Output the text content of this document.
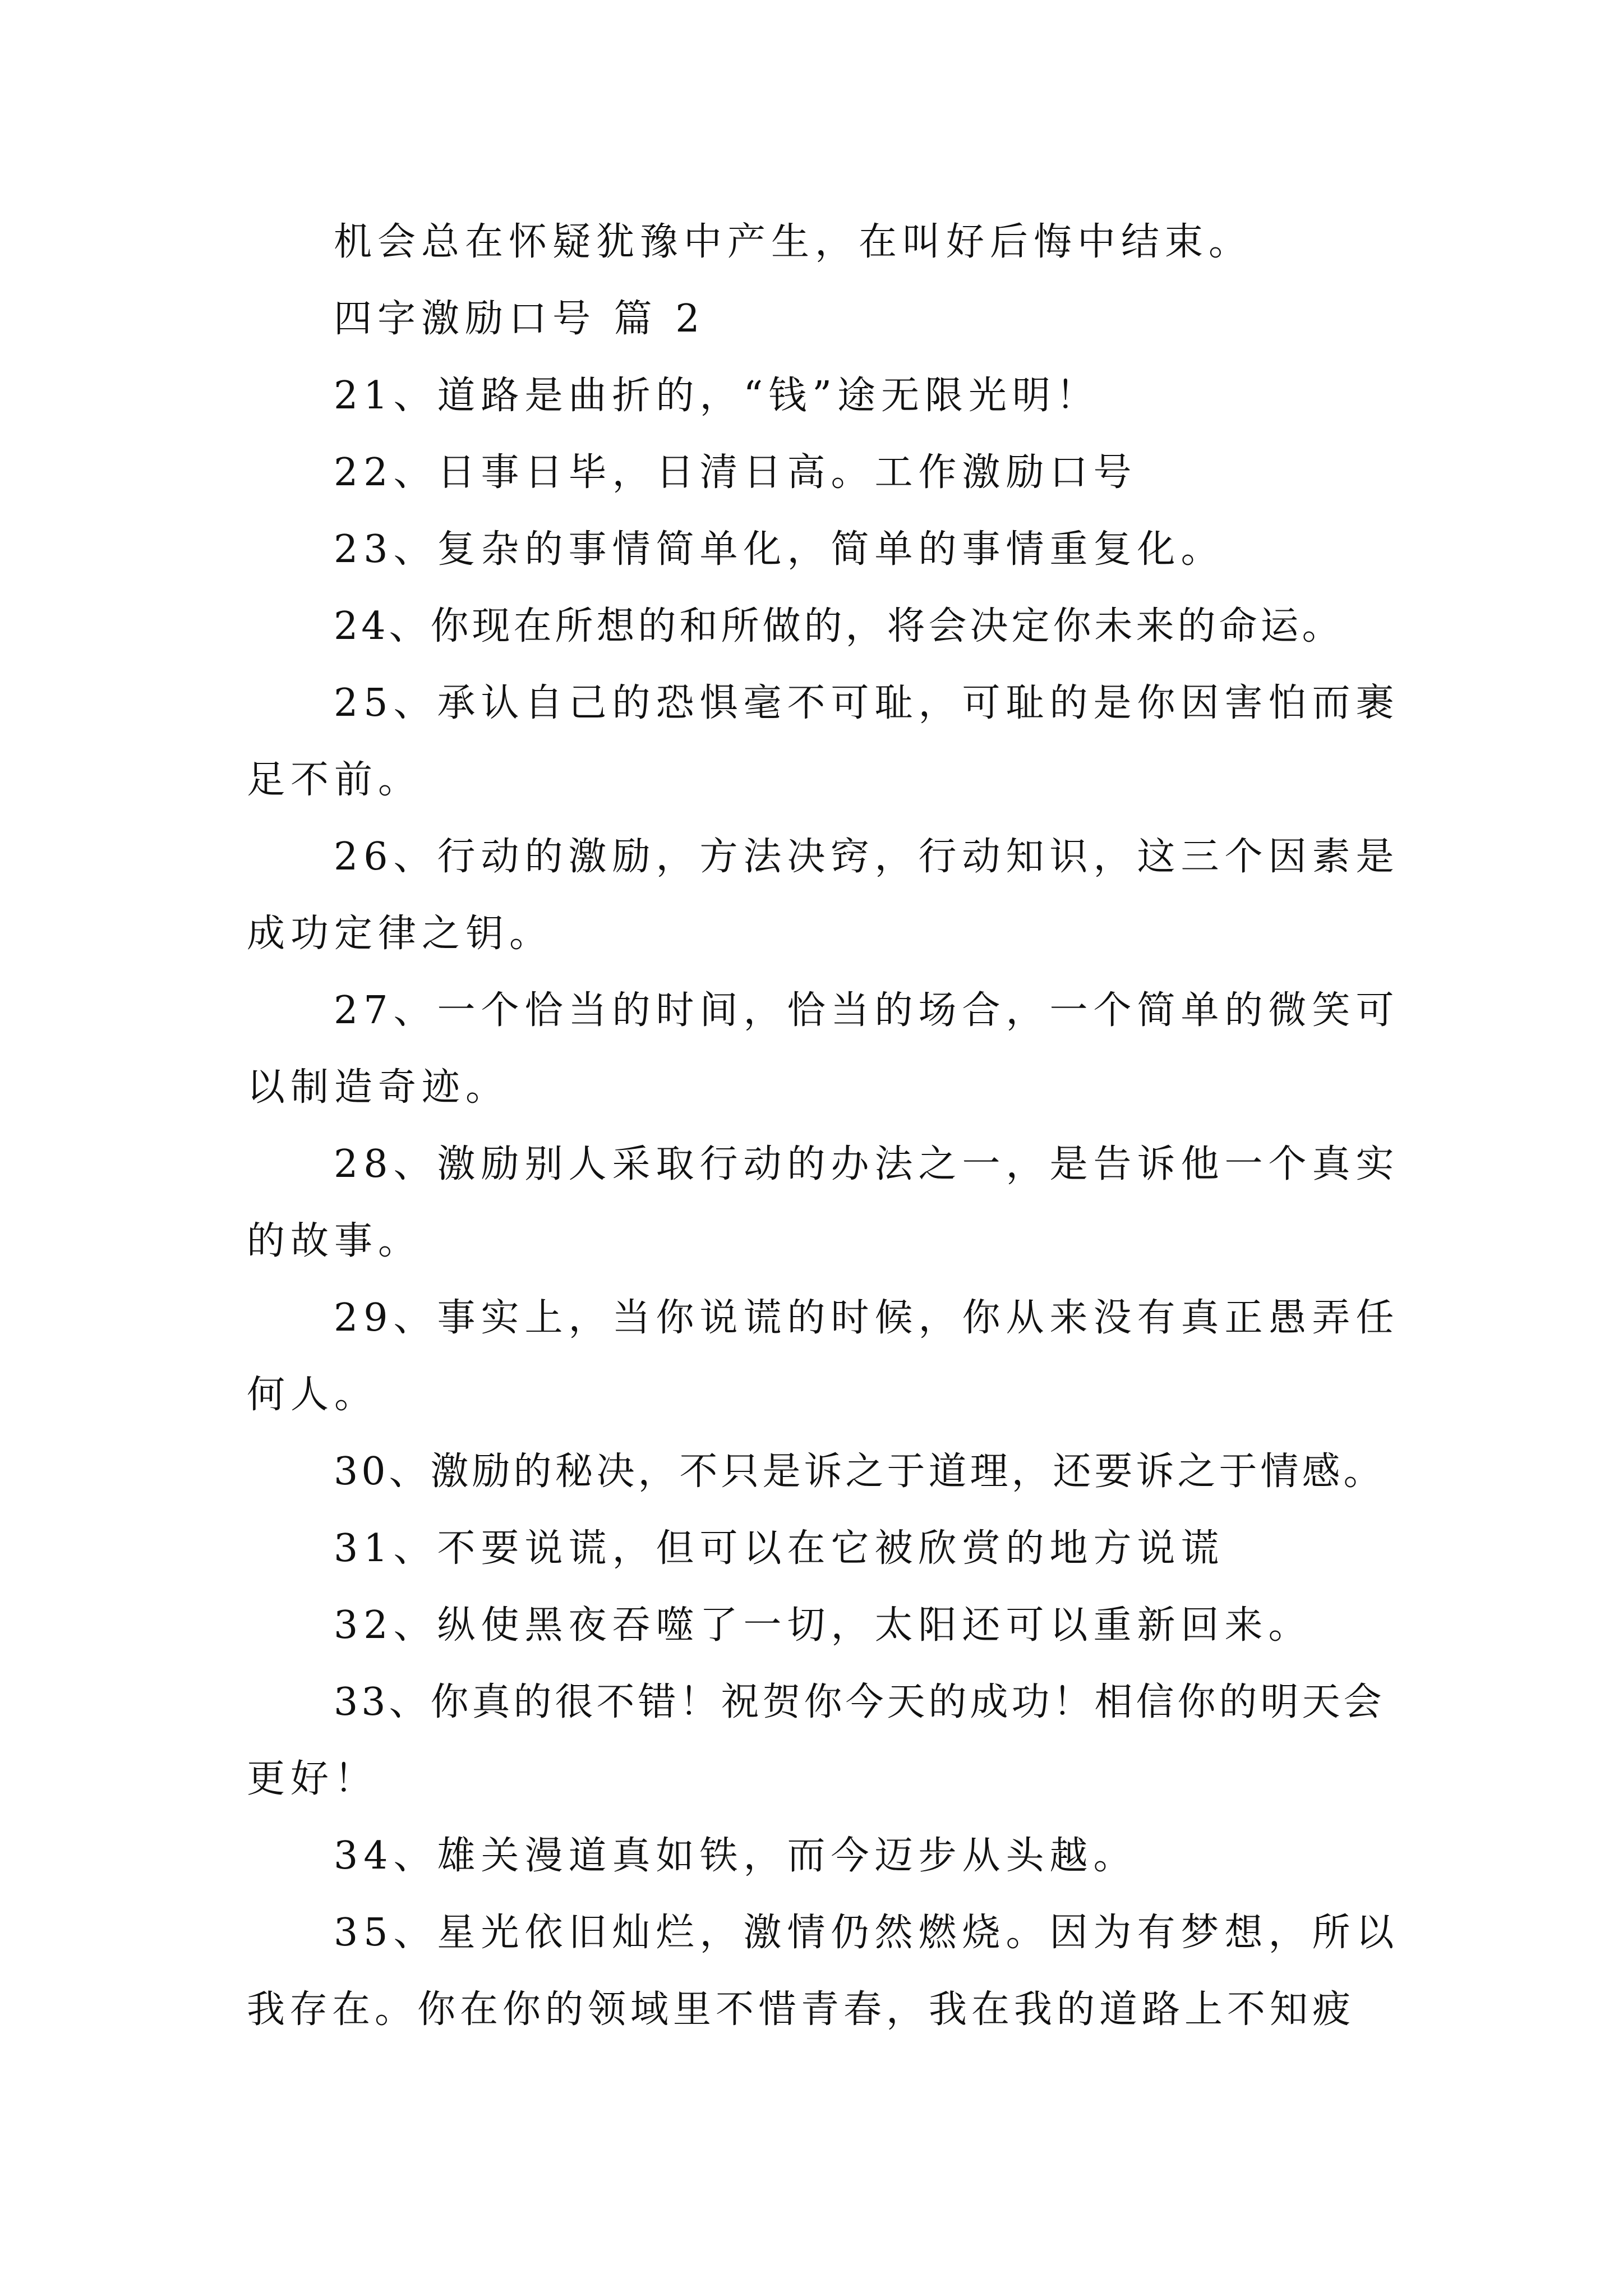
机会总在怀疑犹豫中产生，在叫好后悔中结束。
四字激励口号 篇 2
21、道路是曲折的，“钱”途无限光明！
22、日事日毕，日清日高。工作激励口号
23、复杂的事情简单化，简单的事情重复化。
24、你现在所想的和所做的，将会决定你未来的命运。
25、承认自己的恐惧毫不可耻，可耻的是你因害怕而裹
足不前。
26、行动的激励，方法决窍，行动知识，这三个因素是
成功定律之钥。
27、一个恰当的时间，恰当的场合，一个简单的微笑可
以制造奇迹。
28、激励别人采取行动的办法之一，是告诉他一个真实
的故事。
29、事实上，当你说谎的时候，你从来没有真正愚弄任
何人。
30、激励的秘决，不只是诉之于道理，还要诉之于情感。
31、不要说谎，但可以在它被欣赏的地方说谎
32、纵使黑夜吞噬了一切，太阳还可以重新回来。
33、你真的很不错！祝贺你今天的成功！相信你的明天会
更好！
34、雄关漫道真如铁，而今迈步从头越。
35、星光依旧灿烂，激情仍然燃烧。因为有梦想，所以
我存在。你在你的领域里不惜青春，我在我的道路上不知疲
